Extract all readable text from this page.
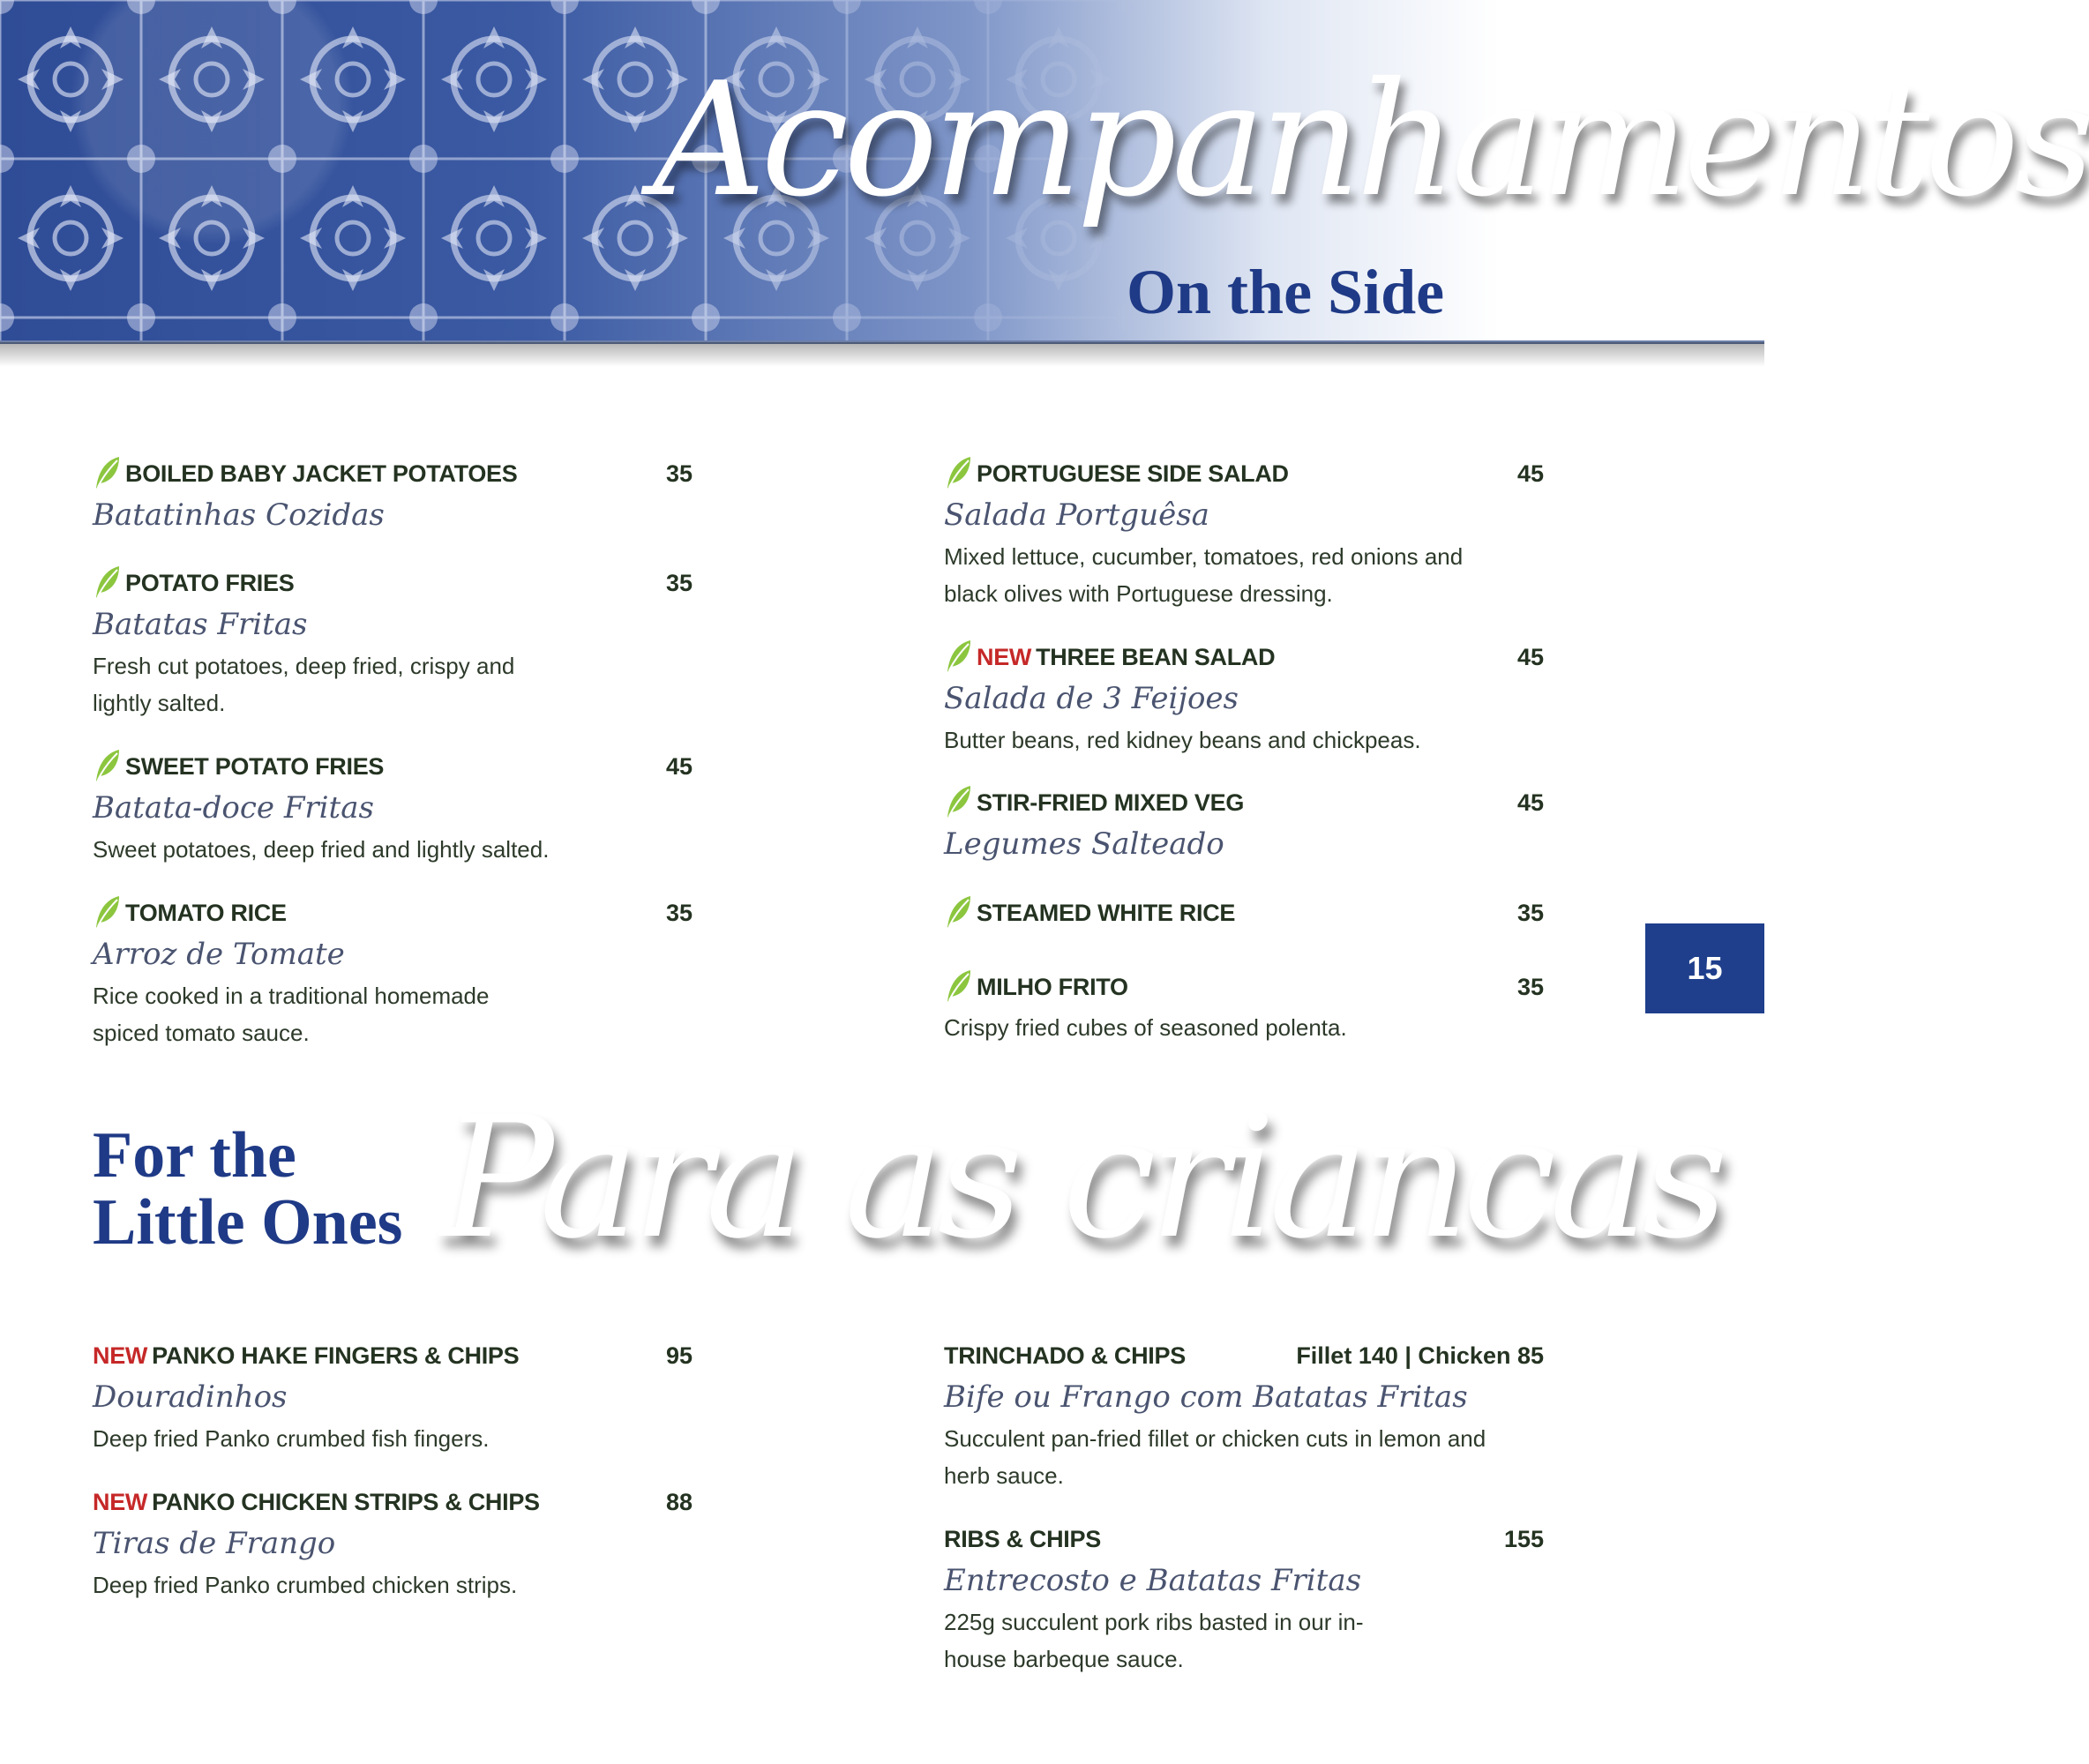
Acompanhamentos
On the Side
BOILED BABY JACKET POTATOES	35
Batatinhas Cozidas
POTATO FRIES	35
Batatas Fritas
Fresh cut potatoes, deep fried, crispy and lightly salted.
SWEET POTATO FRIES	45
Batata-doce Fritas
Sweet potatoes, deep fried and lightly salted.
TOMATO RICE	35
Arroz de Tomate
Rice cooked in a traditional homemade spiced tomato sauce.
PORTUGUESE SIDE SALAD	45
Salada Portguêsa
Mixed lettuce, cucumber, tomatoes, red onions and black olives with Portuguese dressing.
NEW THREE BEAN SALAD	45
Salada de 3 Feijoes
Butter beans, red kidney beans and chickpeas.
STIR-FRIED MIXED VEG	45
Legumes Salteado
STEAMED WHITE RICE	35
MILHO FRITO	35
Crispy fried cubes of seasoned polenta.
15
For the
Little Ones Para as criancas
NEW PANKO HAKE FINGERS & CHIPS	95
Douradinhos
Deep fried Panko crumbed fish fingers.
NEW PANKO CHICKEN STRIPS & CHIPS	88
Tiras de Frango
Deep fried Panko crumbed chicken strips.
TRINCHADO & CHIPS	Fillet 140 | Chicken 85
Bife ou Frango com Batatas Fritas
Succulent pan-fried fillet or chicken cuts in lemon and herb sauce.
RIBS & CHIPS	155
Entrecosto e Batatas Fritas
225g succulent pork ribs basted in our in-house barbeque sauce.
